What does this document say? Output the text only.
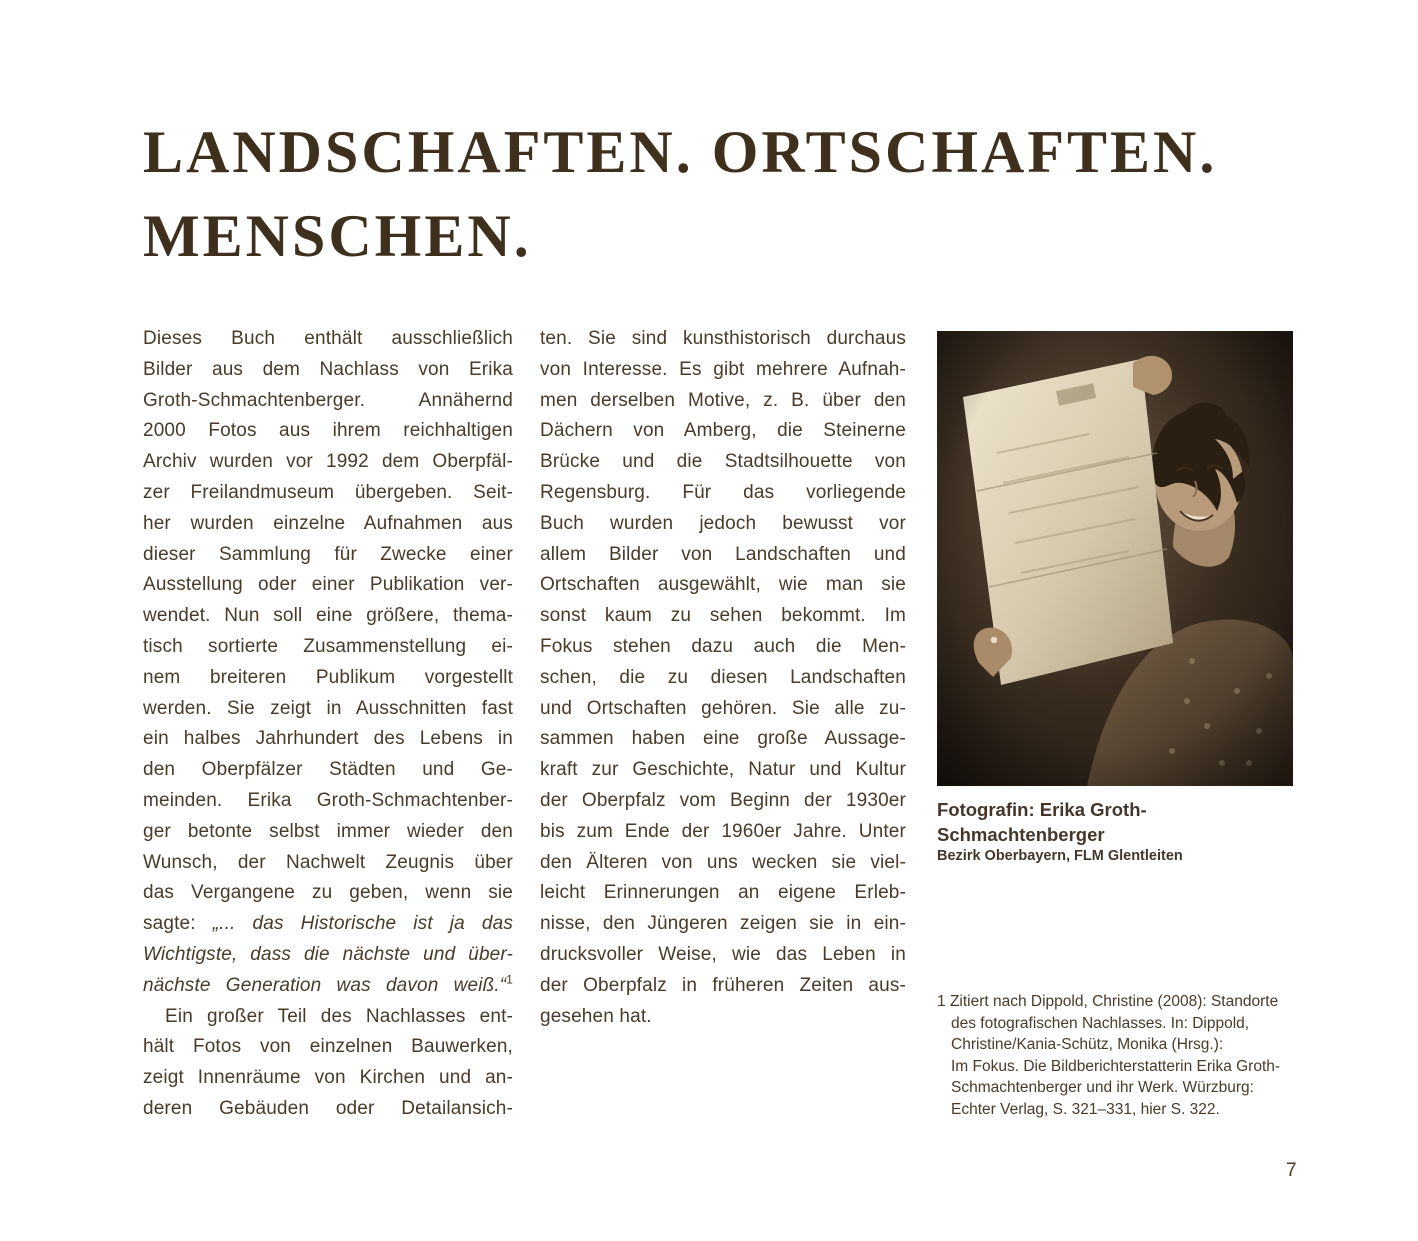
LANDSCHAFTEN. ORTSCHAFTEN.
MENSCHEN.
Dieses Buch enthält ausschließlich
Bilder aus dem Nachlass von Erika
Groth-Schmachtenberger. Annähernd
2000 Fotos aus ihrem reichhaltigen
Archiv wurden vor 1992 dem Oberpfäl-
zer Freilandmuseum übergeben. Seit-
her wurden einzelne Aufnahmen aus
dieser Sammlung für Zwecke einer
Ausstellung oder einer Publikation ver-
wendet. Nun soll eine größere, thema-
tisch sortierte Zusammenstellung ei-
nem breiteren Publikum vorgestellt
werden. Sie zeigt in Ausschnitten fast
ein halbes Jahrhundert des Lebens in
den Oberpfälzer Städten und Ge-
meinden. Erika Groth-Schmachtenber-
ger betonte selbst immer wieder den
Wunsch, der Nachwelt Zeugnis über
das Vergangene zu geben, wenn sie
sagte: „... das Historische ist ja das
Wichtigste, dass die nächste und über-
nächste Generation was davon weiß.“$^1$
Ein großer Teil des Nachlasses ent-
hält Fotos von einzelnen Bauwerken,
zeigt Innenräume von Kirchen und an-
deren Gebäuden oder Detailansich-
ten. Sie sind kunsthistorisch durchaus
von Interesse. Es gibt mehrere Aufnah-
men derselben Motive, z. B. über den
Dächern von Amberg, die Steinerne
Brücke und die Stadtsilhouette von
Regensburg. Für das vorliegende
Buch wurden jedoch bewusst vor
allem Bilder von Landschaften und
Ortschaften ausgewählt, wie man sie
sonst kaum zu sehen bekommt. Im
Fokus stehen dazu auch die Men-
schen, die zu diesen Landschaften
und Ortschaften gehören. Sie alle zu-
sammen haben eine große Aussage-
kraft zur Geschichte, Natur und Kultur
der Oberpfalz vom Beginn der 1930er
bis zum Ende der 1960er Jahre. Unter
den Älteren von uns wecken sie viel-
leicht Erinnerungen an eigene Erleb-
nisse, den Jüngeren zeigen sie in ein-
drucksvoller Weise, wie das Leben in
der Oberpfalz in früheren Zeiten aus-
gesehen hat.
Fotografin: Erika Groth-Schmachtenberger
Bezirk Oberbayern, FLM Glentleiten
1 Zitiert nach Dippold, Christine (2008): Standorte
des fotografischen Nachlasses. In: Dippold,
Christine/Kania-Schütz, Monika (Hrsg.):
Im Fokus. Die Bildberichterstatterin Erika Groth-
Schmachtenberger und ihr Werk. Würzburg:
Echter Verlag, S. 321–331, hier S. 322.
7
